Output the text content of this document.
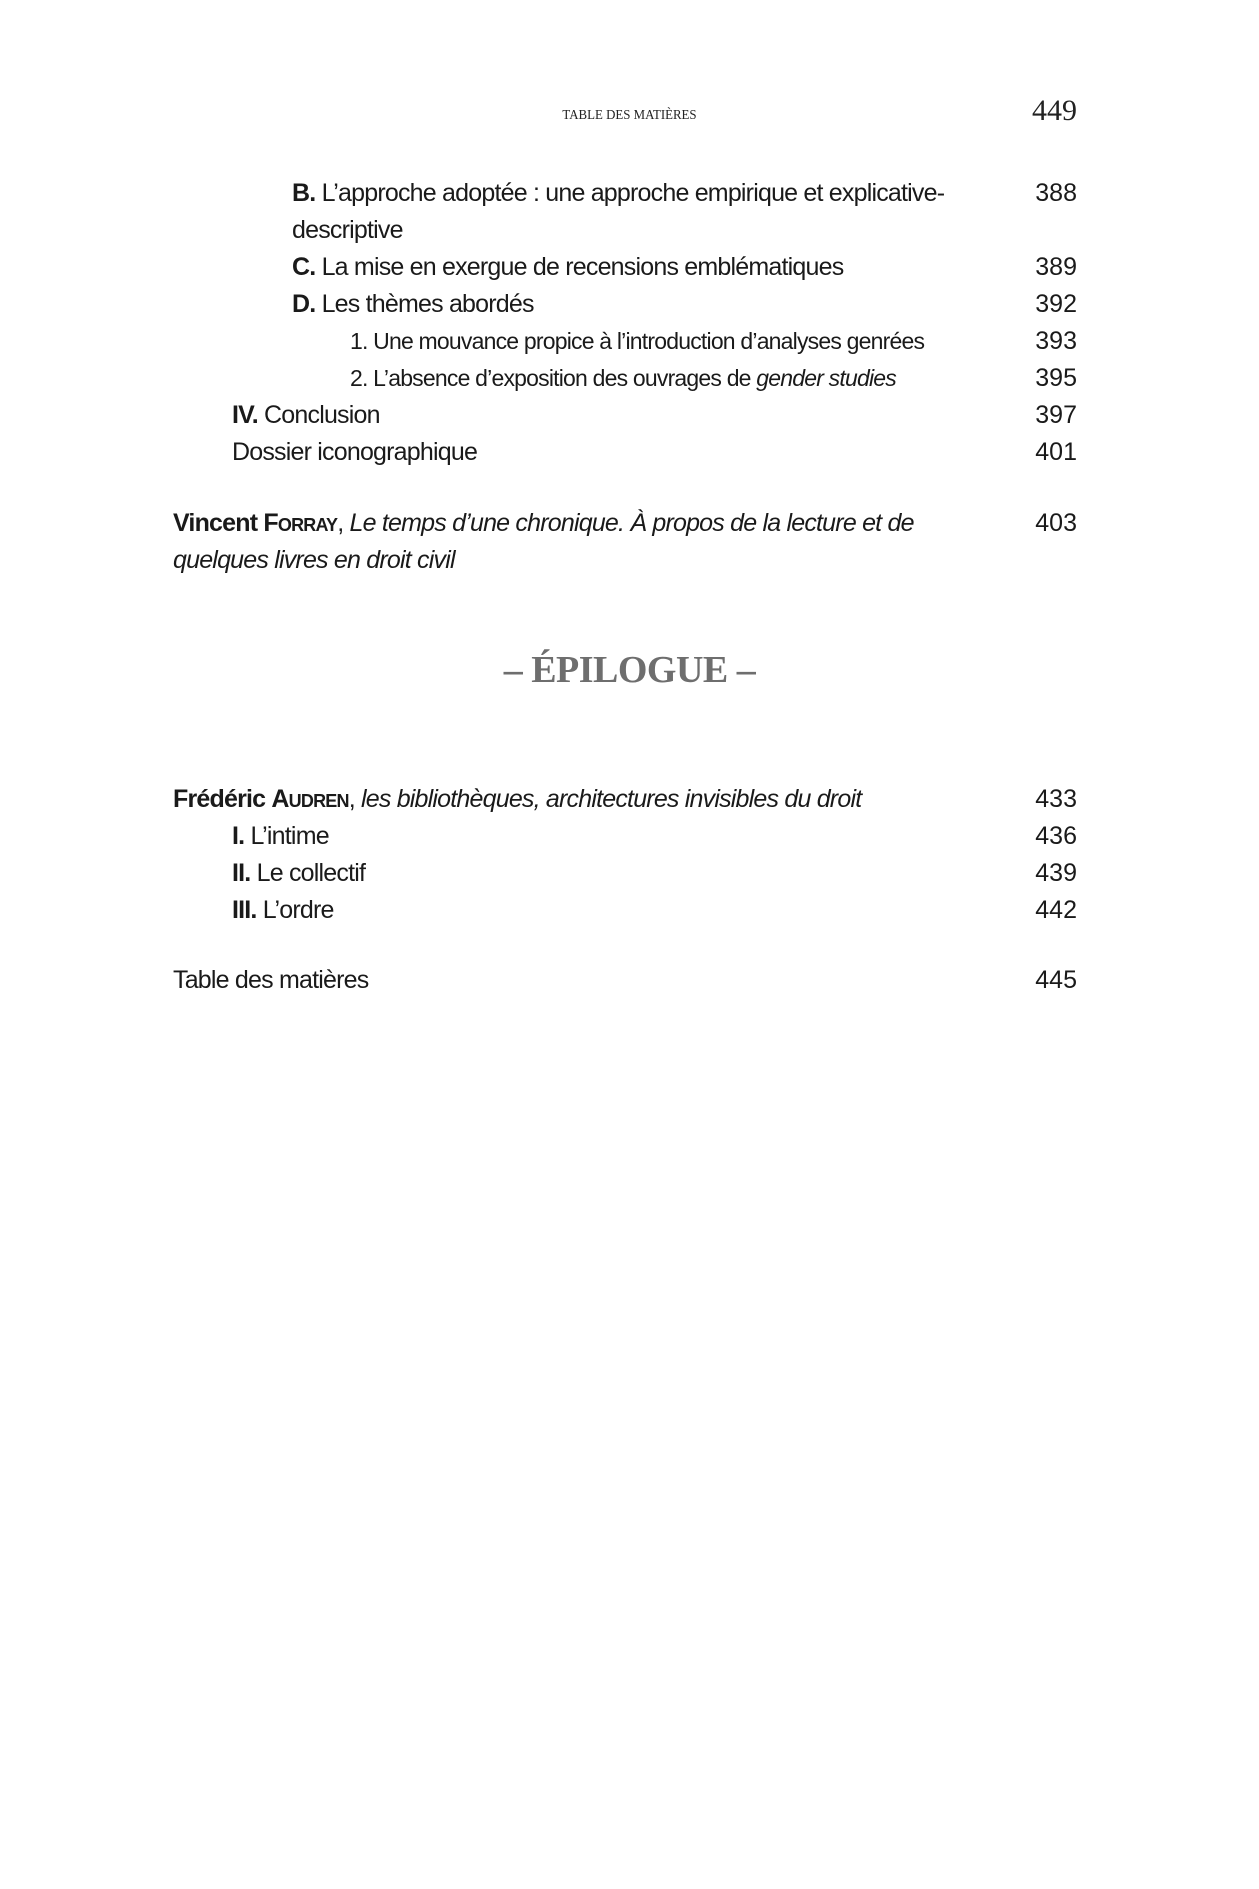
TABLE DES MATIÈRES	449
B. L’approche adoptée : une approche empirique et explicative-	388
descriptive
C. La mise en exergue de recensions emblématiques	389
D. Les thèmes abordés	392
1. Une mouvance propice à l’introduction d’analyses genrées	393
2. L’absence d’exposition des ouvrages de gender studies	395
IV. Conclusion	397
Dossier iconographique	401
Vincent Forray, Le temps d’une chronique. À propos de la lecture et de	403
quelques livres en droit civil
– ÉPILOGUE –
Frédéric Audren, les bibliothèques, architectures invisibles du droit	433
I. L’intime	436
II. Le collectif	439
III. L’ordre	442
Table des matières	445
